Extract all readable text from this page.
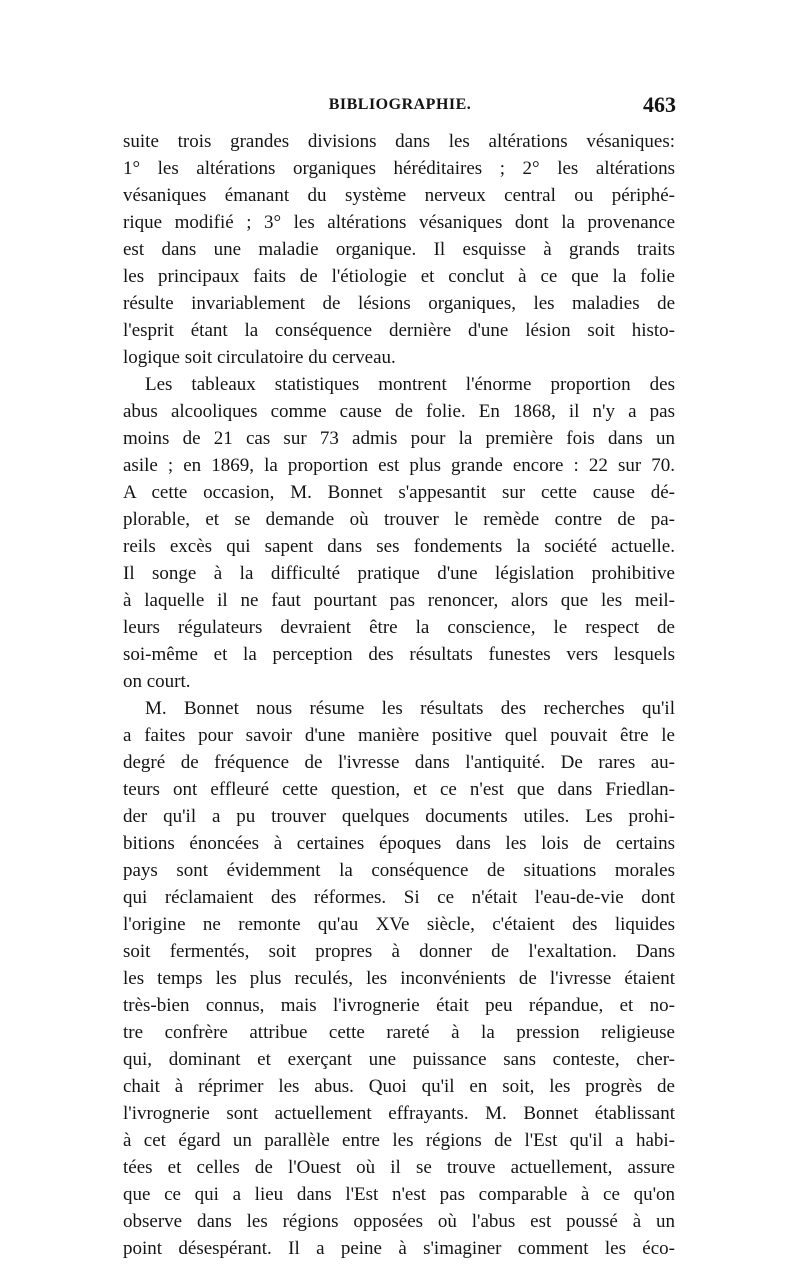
BIBLIOGRAPHIE.	463
suite trois grandes divisions dans les altérations vésaniques:
1° les altérations organiques héréditaires ; 2° les altérations
vésaniques émanant du système nerveux central ou périphé-
rique modifié ; 3° les altérations vésaniques dont la provenance
est dans une maladie organique. Il esquisse à grands traits
les principaux faits de l'étiologie et conclut à ce que la folie
résulte invariablement de lésions organiques, les maladies de
l'esprit étant la conséquence dernière d'une lésion soit histo-
logique soit circulatoire du cerveau.
Les tableaux statistiques montrent l'énorme proportion des
abus alcooliques comme cause de folie. En 1868, il n'y a pas
moins de 21 cas sur 73 admis pour la première fois dans un
asile ; en 1869, la proportion est plus grande encore : 22 sur 70.
A cette occasion, M. Bonnet s'appesantit sur cette cause dé-
plorable, et se demande où trouver le remède contre de pa-
reils excès qui sapent dans ses fondements la société actuelle.
Il songe à la difficulté pratique d'une législation prohibitive
à laquelle il ne faut pourtant pas renoncer, alors que les meil-
leurs régulateurs devraient être la conscience, le respect de
soi-même et la perception des résultats funestes vers lesquels
on court.
M. Bonnet nous résume les résultats des recherches qu'il
a faites pour savoir d'une manière positive quel pouvait être le
degré de fréquence de l'ivresse dans l'antiquité. De rares au-
teurs ont effleuré cette question, et ce n'est que dans Friedlan-
der qu'il a pu trouver quelques documents utiles. Les prohi-
bitions énoncées à certaines époques dans les lois de certains
pays sont évidemment la conséquence de situations morales
qui réclamaient des réformes. Si ce n'était l'eau-de-vie dont
l'origine ne remonte qu'au XVe siècle, c'étaient des liquides
soit fermentés, soit propres à donner de l'exaltation. Dans
les temps les plus reculés, les inconvénients de l'ivresse étaient
très-bien connus, mais l'ivrognerie était peu répandue, et no-
tre confrère attribue cette rareté à la pression religieuse
qui, dominant et exerçant une puissance sans conteste, cher-
chait à réprimer les abus. Quoi qu'il en soit, les progrès de
l'ivrognerie sont actuellement effrayants. M. Bonnet établissant
à cet égard un parallèle entre les régions de l'Est qu'il a habi-
tées et celles de l'Ouest où il se trouve actuellement, assure
que ce qui a lieu dans l'Est n'est pas comparable à ce qu'on
observe dans les régions opposées où l'abus est poussé à un
point désespérant. Il a peine à s'imaginer comment les éco-
